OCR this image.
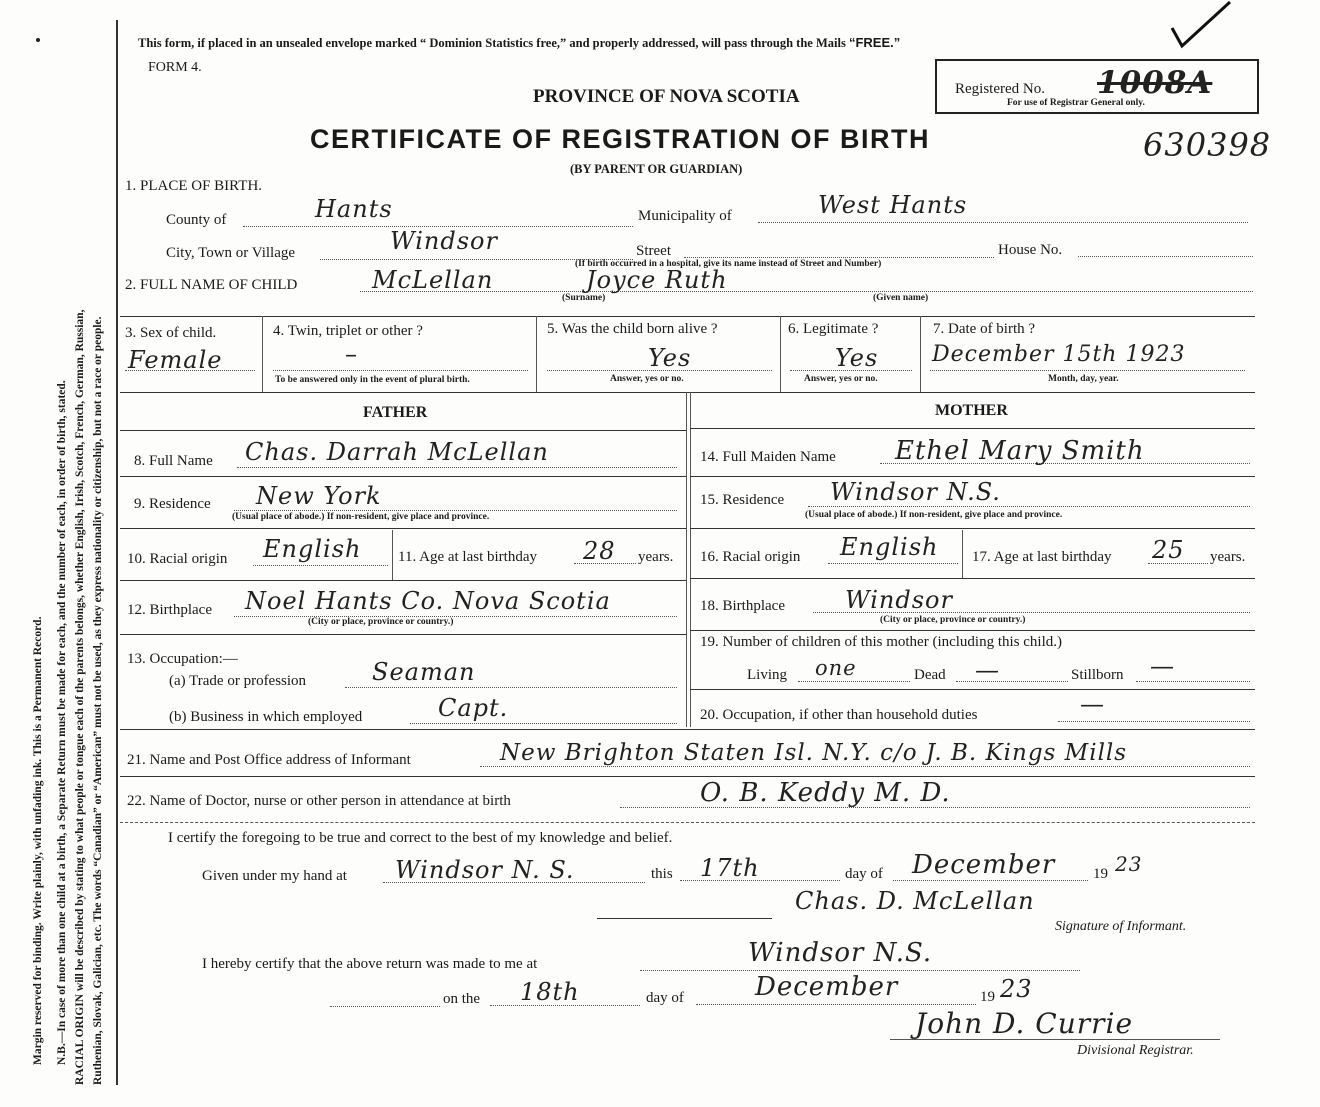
Margin reserved for binding. Write plainly, with unfading ink. This is a Permanent Record. N.B.—In case of more than one child at a birth, a Separate Return must be made for each, and the number of each, in order of birth, stated. RACIAL ORIGIN will be described by stating to what people or tongue each of the parents belongs, whether English, Irish, Scotch, French, German, Russian, Ruthenian, Slovak, Galician, etc. The words “Canadian” or “American” must not be used, as they express nationality or citizenship, but not a race or people.
This form, if placed in an unsealed envelope marked “ Dominion Statistics free,” and properly addressed, will pass through the Mails “FREE.”
FORM 4.
PROVINCE OF NOVA SCOTIA
CERTIFICATE OF REGISTRATION OF BIRTH
(BY PARENT OR GUARDIAN)
Registered No. 1008A
For use of Registrar General only.
630398
1. PLACE OF BIRTH.
County of	Hants	Municipality of	West Hants
City, Town or Village	Windsor	Street	House No.
(If birth occurred in a hospital, give its name instead of Street and Number)
2. FULL NAME OF CHILD	McLellan	Joyce Ruth
(Surname)	(Given name)
3. Sex of child.
Female
4. Twin, triplet or other ?
–
To be answered only in the event of plural birth.
5. Was the child born alive ?
Yes
Answer, yes or no.
6. Legitimate ?
Yes
Answer, yes or no.
7. Date of birth ?
December 15th 1923
Month, day, year.
FATHER	MOTHER
8. Full Name Chas. Darrah McLellan
9. Residence New York
(Usual place of abode.) If non-resident, give place and province.
10. Racial origin English 11. Age at last birthday 28 years.
12. Birthplace Noel Hants Co. Nova Scotia
(City or place, province or country.)
13. Occupation:—
(a) Trade or profession	Seaman
(b) Business in which employed	Capt.
14. Full Maiden Name Ethel Mary Smith
15. Residence Windsor N.S.
(Usual place of abode.) If non-resident, give place and province.
16. Racial origin English 17. Age at last birthday 25 years.
18. Birthplace	Windsor
(City or place, province or country.)
19. Number of children of this mother (including this child.)
Living one	Dead —	Stillborn —
20. Occupation, if other than household duties	—
21. Name and Post Office address of Informant	New Brighton Staten Isl. N.Y. c/o J. B. Kings Mills
22. Name of Doctor, nurse or other person in attendance at birth	O. B. Keddy M. D.
I certify the foregoing to be true and correct to the best of my knowledge and belief.
Given under my hand at Windsor N. S.	this 17th	day of December	19 23
Chas. D. McLellan
Signature of Informant.
I hereby certify that the above return was made to me at	Windsor N.S.
on the 18th	day of	December	19 23
John D. Currie
Divisional Registrar.
